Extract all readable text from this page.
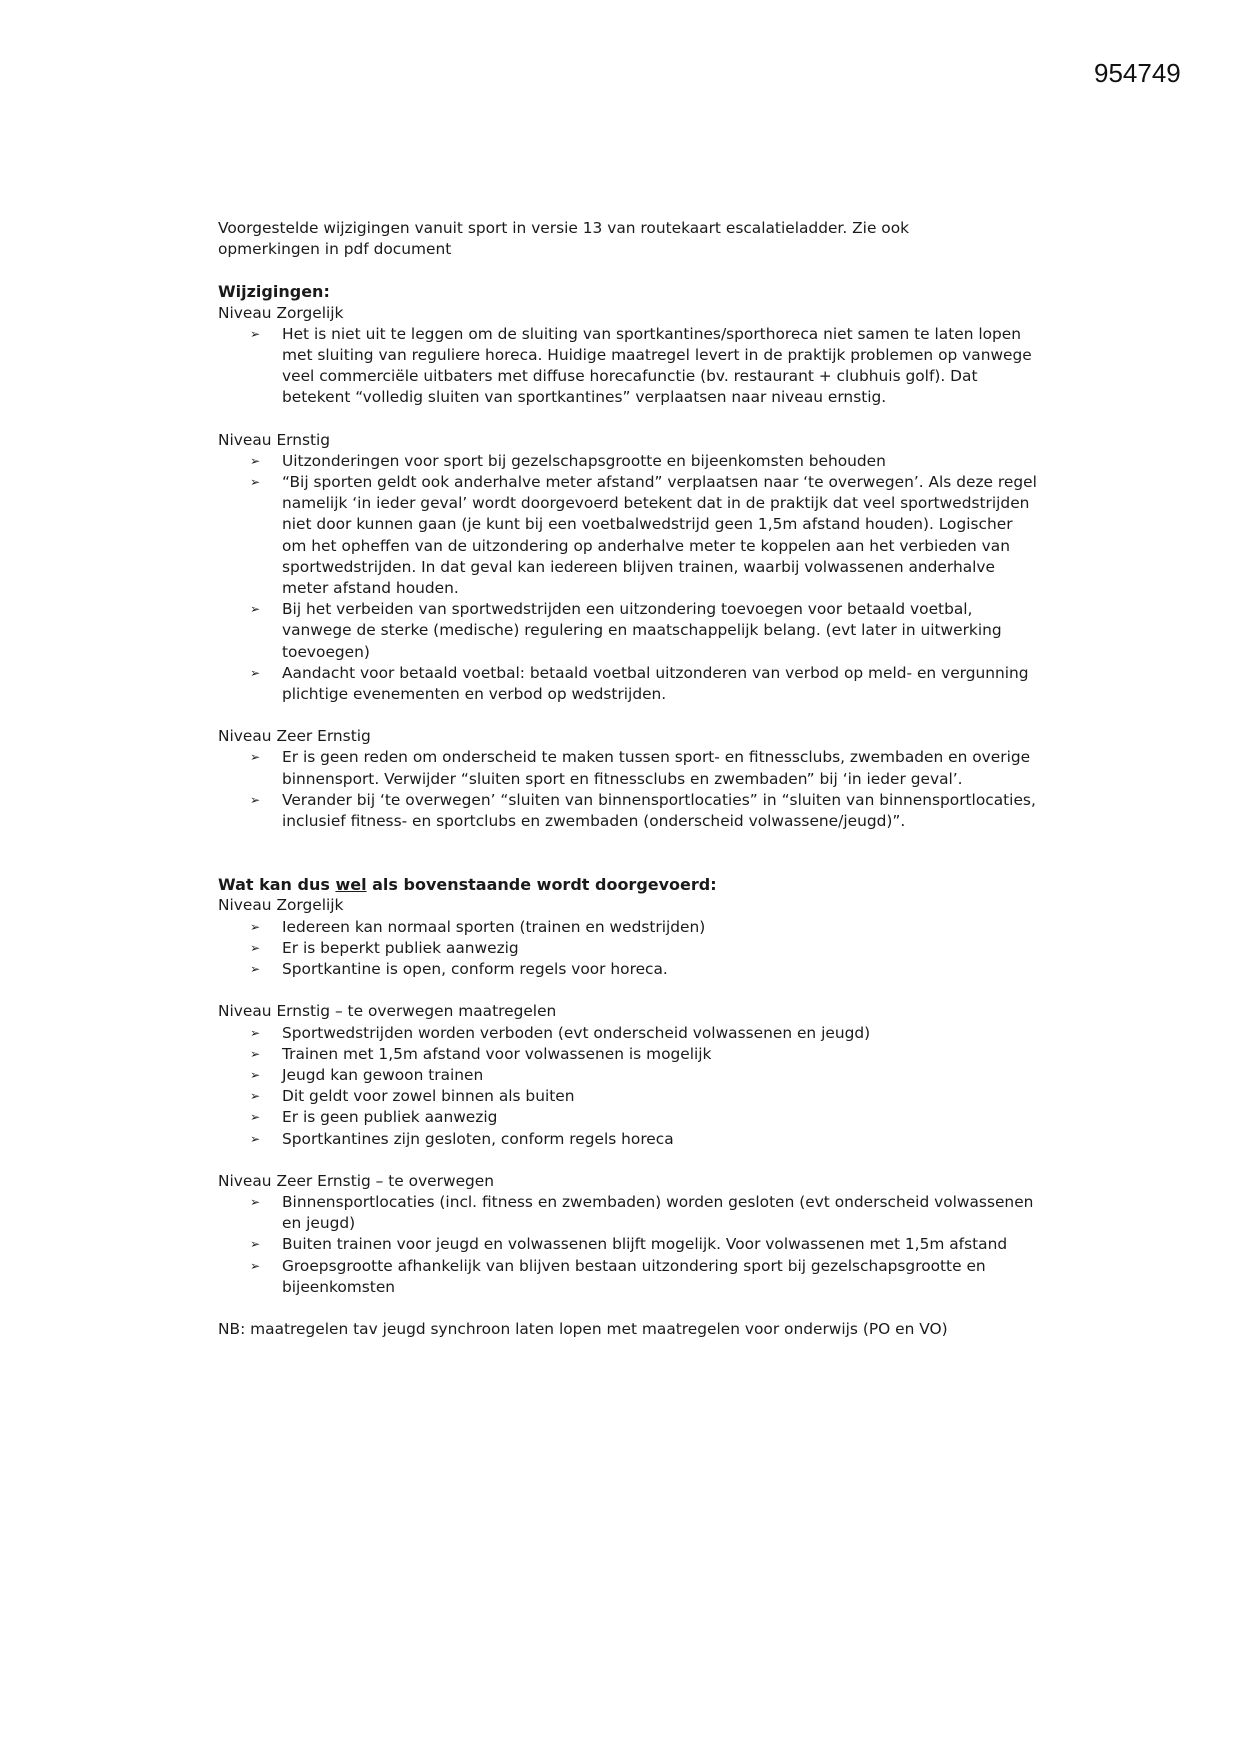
954749

Voorgestelde wijzigingen vanuit sport in versie 13 van routekaart escalatieladder. Zie ook opmerkingen in pdf document

Wijzigingen:

Niveau Zorgelijk

➢ Het is niet uit te leggen om de sluiting van sportkantines/sporthoreca niet samen te laten lopen met sluiting van reguliere horeca. Huidige maatregel levert in de praktijk problemen op vanwege veel commerciële uitbaters met diffuse horecafunctie (bv. restaurant + clubhuis golf). Dat betekent “volledig sluiten van sportkantines” verplaatsen naar niveau ernstig.

Niveau Ernstig

➢ Uitzonderingen voor sport bij gezelschapsgrootte en bijeenkomsten behouden
➢ “Bij sporten geldt ook anderhalve meter afstand” verplaatsen naar ‘te overwegen’. Als deze regel namelijk ‘in ieder geval’ wordt doorgevoerd betekent dat in de praktijk dat veel sportwedstrijden niet door kunnen gaan (je kunt bij een voetbalwedstrijd geen 1,5m afstand houden). Logischer om het opheffen van de uitzondering op anderhalve meter te koppelen aan het verbieden van sportwedstrijden. In dat geval kan iedereen blijven trainen, waarbij volwassenen anderhalve meter afstand houden.
➢ Bij het verbeiden van sportwedstrijden een uitzondering toevoegen voor betaald voetbal, vanwege de sterke (medische) regulering en maatschappelijk belang. (evt later in uitwerking toevoegen)
➢ Aandacht voor betaald voetbal: betaald voetbal uitzonderen van verbod op meld- en vergunning plichtige evenementen en verbod op wedstrijden.

Niveau Zeer Ernstig

➢ Er is geen reden om onderscheid te maken tussen sport- en fitnessclubs, zwembaden en overige binnensport. Verwijder “sluiten sport en fitnessclubs en zwembaden” bij ‘in ieder geval’.
➢ Verander bij ‘te overwegen’ “sluiten van binnensportlocaties” in “sluiten van binnensportlocaties, inclusief fitness- en sportclubs en zwembaden (onderscheid volwassene/jeugd)”.

Wat kan dus wel als bovenstaande wordt doorgevoerd:

Niveau Zorgelijk

➢ Iedereen kan normaal sporten (trainen en wedstrijden)
➢ Er is beperkt publiek aanwezig
➢ Sportkantine is open, conform regels voor horeca.

Niveau Ernstig – te overwegen maatregelen

➢ Sportwedstrijden worden verboden (evt onderscheid volwassenen en jeugd)
➢ Trainen met 1,5m afstand voor volwassenen is mogelijk
➢ Jeugd kan gewoon trainen
➢ Dit geldt voor zowel binnen als buiten
➢ Er is geen publiek aanwezig
➢ Sportkantines zijn gesloten, conform regels horeca

Niveau Zeer Ernstig – te overwegen

➢ Binnensportlocaties (incl. fitness en zwembaden) worden gesloten (evt onderscheid volwassenen en jeugd)
➢ Buiten trainen voor jeugd en volwassenen blijft mogelijk. Voor volwassenen met 1,5m afstand
➢ Groepsgrootte afhankelijk van blijven bestaan uitzondering sport bij gezelschapsgrootte en bijeenkomsten

NB: maatregelen tav jeugd synchroon laten lopen met maatregelen voor onderwijs (PO en VO)
